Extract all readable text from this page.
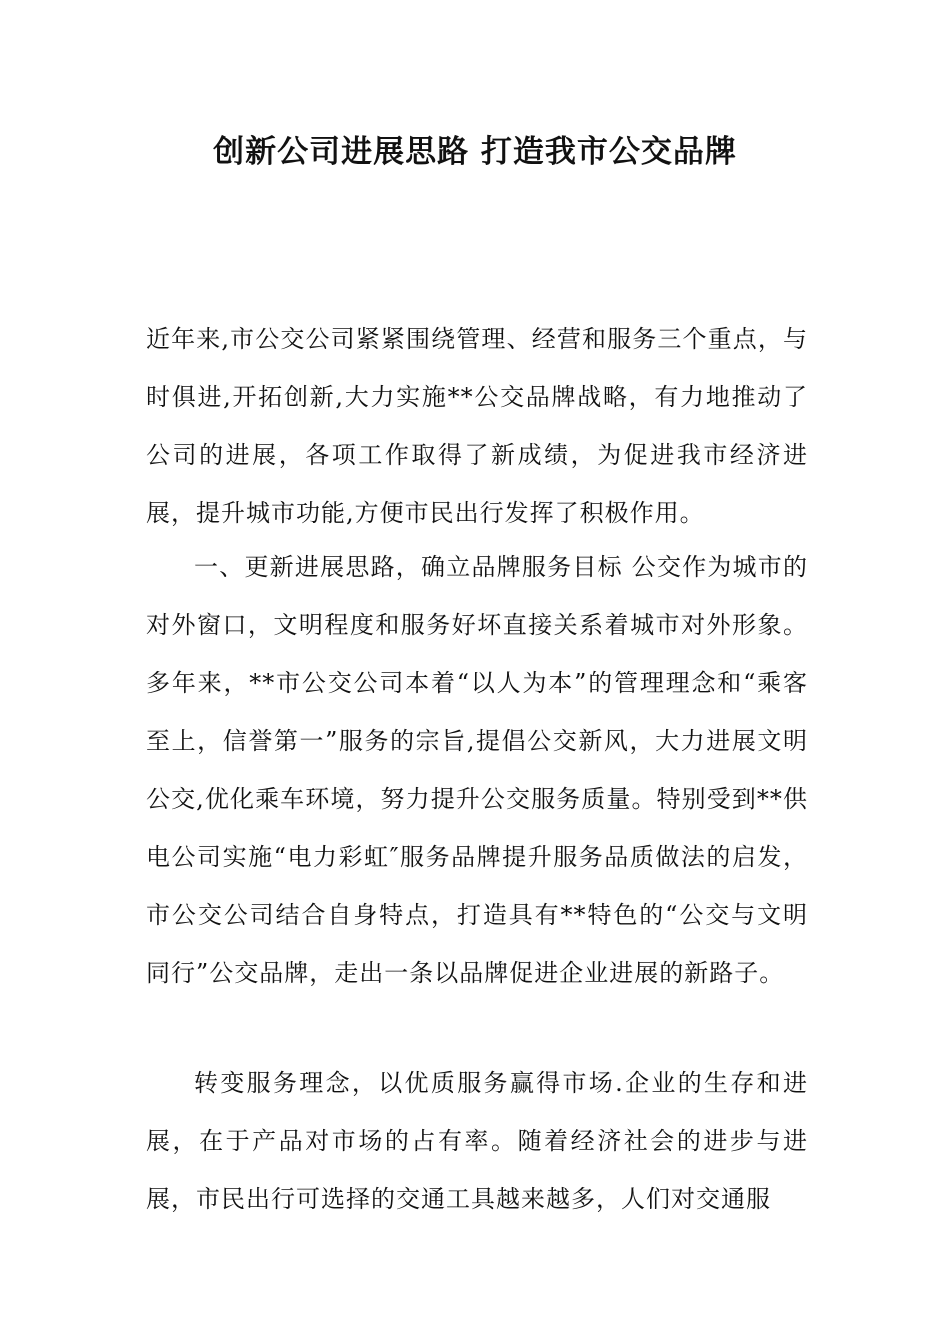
创新公司进展思路 打造我市公交品牌

近年来,市公交公司紧紧围绕管理、经营和服务三个重点，与时俱进,开拓创新,大力实施**公交品牌战略，有力地推动了公司的进展，各项工作取得了新成绩，为促进我市经济进展，提升城市功能,方便市民出行发挥了积极作用。

一、更新进展思路，确立品牌服务目标 公交作为城市的对外窗口，文明程度和服务好坏直接关系着城市对外形象。多年来，**市公交公司本着“以人为本”的管理理念和“乘客至上，信誉第一”服务的宗旨,提倡公交新风，大力进展文明公交,优化乘车环境，努力提升公交服务质量。特别受到**供电公司实施“电力彩虹″服务品牌提升服务品质做法的启发，市公交公司结合自身特点，打造具有**特色的“公交与文明同行”公交品牌，走出一条以品牌促进企业进展的新路子。

转变服务理念，以优质服务赢得市场.企业的生存和进展，在于产品对市场的占有率。随着经济社会的进步与进展，市民出行可选择的交通工具越来越多，人们对交通服
